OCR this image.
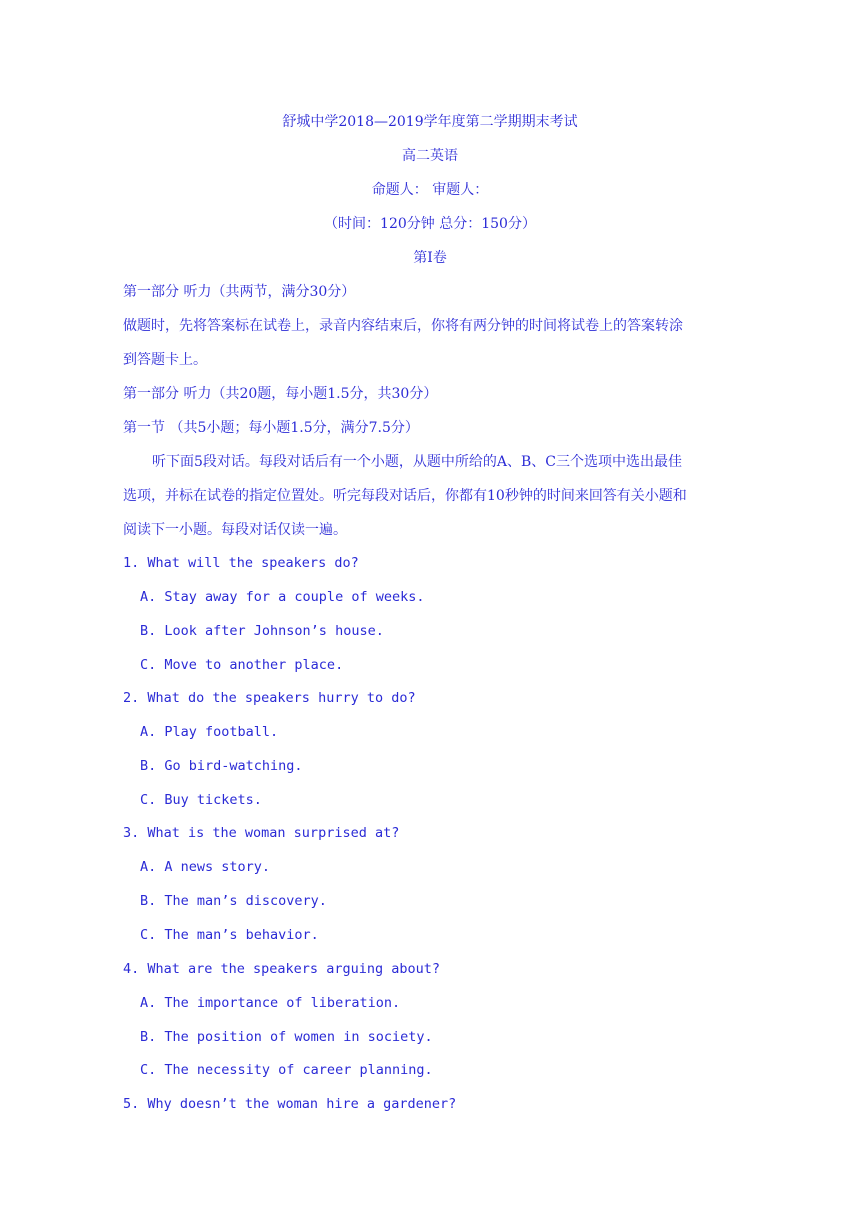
舒城中学2018—2019学年度第二学期期末考试
高二英语
命题人： 审题人：
（时间：120分钟 总分：150分）
第I卷
第一部分 听力（共两节，满分30分）
做题时，先将答案标在试卷上，录音内容结束后，你将有两分钟的时间将试卷上的答案转涂
到答题卡上。
第一部分 听力（共20题，每小题1.5分，共30分）
第一节 （共5小题；每小题1.5分，满分7.5分）
听下面5段对话。每段对话后有一个小题，从题中所给的A、B、C三个选项中选出最佳
选项，并标在试卷的指定位置处。听完每段对话后，你都有10秒钟的时间来回答有关小题和
阅读下一小题。每段对话仅读一遍。
1. What will the speakers do?
A. Stay away for a couple of weeks.
B. Look after Johnson’s house.
C. Move to another place.
2. What do the speakers hurry to do?
A. Play football.
B. Go bird-watching.
C. Buy tickets.
3. What is the woman surprised at?
A. A news story.
B. The man’s discovery.
C. The man’s behavior.
4. What are the speakers arguing about?
A. The importance of liberation.
B. The position of women in society.
C. The necessity of career planning.
5. Why doesn’t the woman hire a gardener?
